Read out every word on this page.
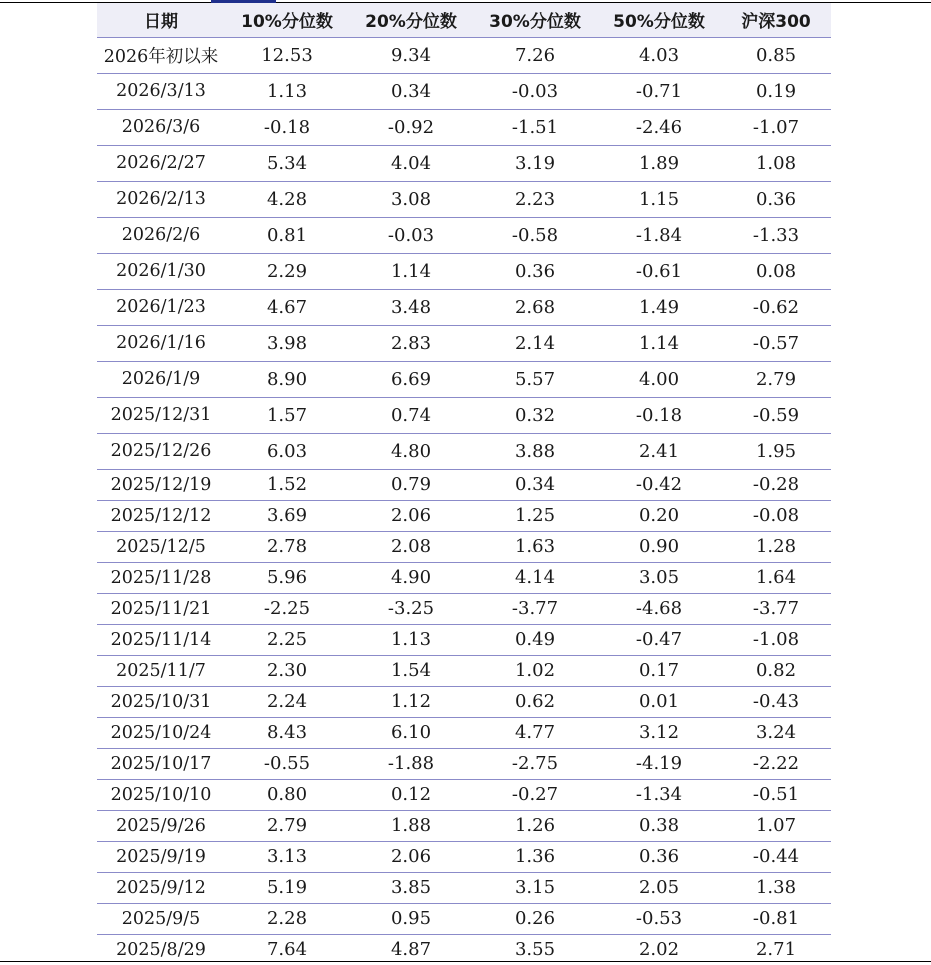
日期	10%分位数	20%分位数	30%分位数	50%分位数	沪深300
2026年初以来	12.53	9.34	7.26	4.03	0.85
2026/3/13	1.13	0.34	-0.03	-0.71	0.19
2026/3/6	-0.18	-0.92	-1.51	-2.46	-1.07
2026/2/27	5.34	4.04	3.19	1.89	1.08
2026/2/13	4.28	3.08	2.23	1.15	0.36
2026/2/6	0.81	-0.03	-0.58	-1.84	-1.33
2026/1/30	2.29	1.14	0.36	-0.61	0.08
2026/1/23	4.67	3.48	2.68	1.49	-0.62
2026/1/16	3.98	2.83	2.14	1.14	-0.57
2026/1/9	8.90	6.69	5.57	4.00	2.79
2025/12/31	1.57	0.74	0.32	-0.18	-0.59
2025/12/26	6.03	4.80	3.88	2.41	1.95
2025/12/19	1.52	0.79	0.34	-0.42	-0.28
2025/12/12	3.69	2.06	1.25	0.20	-0.08
2025/12/5	2.78	2.08	1.63	0.90	1.28
2025/11/28	5.96	4.90	4.14	3.05	1.64
2025/11/21	-2.25	-3.25	-3.77	-4.68	-3.77
2025/11/14	2.25	1.13	0.49	-0.47	-1.08
2025/11/7	2.30	1.54	1.02	0.17	0.82
2025/10/31	2.24	1.12	0.62	0.01	-0.43
2025/10/24	8.43	6.10	4.77	3.12	3.24
2025/10/17	-0.55	-1.88	-2.75	-4.19	-2.22
2025/10/10	0.80	0.12	-0.27	-1.34	-0.51
2025/9/26	2.79	1.88	1.26	0.38	1.07
2025/9/19	3.13	2.06	1.36	0.36	-0.44
2025/9/12	5.19	3.85	3.15	2.05	1.38
2025/9/5	2.28	0.95	0.26	-0.53	-0.81
2025/8/29	7.64	4.87	3.55	2.02	2.71
